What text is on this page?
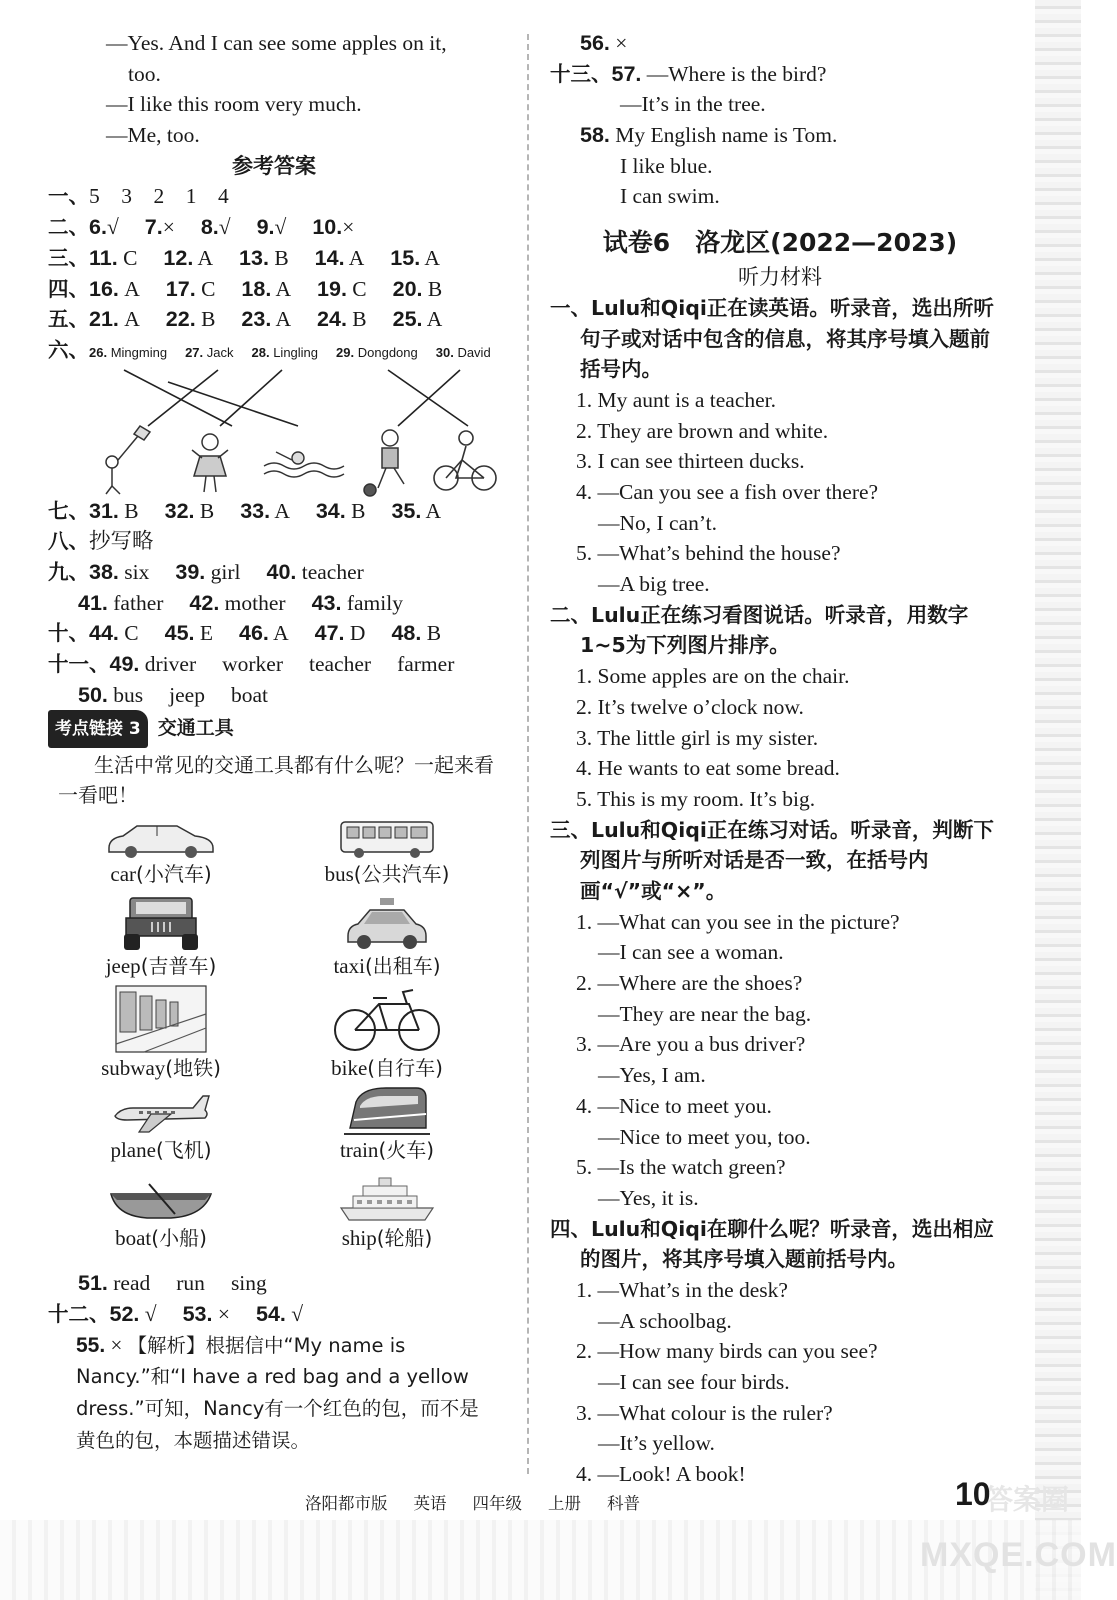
—Yes. And I can see some apples on it,
too.
—I like this room very much.
—Me, too.
参考答案
一、5　3　2　1　4
二、6.√ 7.× 8.√ 9.√ 10.×
三、11. C 12. A 13. B 14. A 15. A
四、16. A 17. C 18. A 19. C 20. B
五、21. A 22. B 23. A 24. B 25. A
六、26. Mingming 27. Jack 28. Lingling 29. Dongdong 30. David
七、31. B 32. B 33. A 34. B 35. A
八、抄写略
九、38. six 39. girl 40. teacher
41. father 42. mother 43. family
十、44. C 45. E 46. A 47. D 48. B
十一、49. driver worker teacher farmer
50. bus jeep boat
考点链接 3 交通工具
生活中常见的交通工具都有什么呢？一起来看一看吧！
car(小汽车)	bus(公共汽车)
jeep(吉普车)	taxi(出租车)
subway(地铁)	bike(自行车)
plane(飞机)	train(火车)
boat(小船)	ship(轮船)
51. read run sing
十二、52. √ 53. × 54. √
55. × 【解析】根据信中“My name is Nancy.”和“I have a red bag and a yellow dress.”可知，Nancy有一个红色的包，而不是黄色的包，本题描述错误。
56. ×
十三、57. —Where is the bird?
—It’s in the tree.
58. My English name is Tom.
I like blue.
I can swim.
试卷6　洛龙区(2022—2023)
听力材料
一、Lulu和Qiqi正在读英语。听录音，选出所听句子或对话中包含的信息，将其序号填入题前括号内。
1. My aunt is a teacher.
2. They are brown and white.
3. I can see thirteen ducks.
4. —Can you see a fish over there?
—No, I can’t.
5. —What’s behind the house?
—A big tree.
二、Lulu正在练习看图说话。听录音，用数字1~5为下列图片排序。
1. Some apples are on the chair.
2. It’s twelve o’clock now.
3. The little girl is my sister.
4. He wants to eat some bread.
5. This is my room. It’s big.
三、Lulu和Qiqi正在练习对话。听录音，判断下列图片与所听对话是否一致，在括号内画“√”或“×”。
1. —What can you see in the picture?
—I can see a woman.
2. —Where are the shoes?
—They are near the bag.
3. —Are you a bus driver?
—Yes, I am.
4. —Nice to meet you.
—Nice to meet you, too.
5. —Is the watch green?
—Yes, it is.
四、Lulu和Qiqi在聊什么呢？听录音，选出相应的图片，将其序号填入题前括号内。
1. —What’s in the desk?
—A schoolbag.
2. —How many birds can you see?
—I can see four birds.
3. —What colour is the ruler?
—It’s yellow.
4. —Look! A book!
答案圈
洛阳都市版 英语 四年级 上册 科普	10
MXQE.COM
